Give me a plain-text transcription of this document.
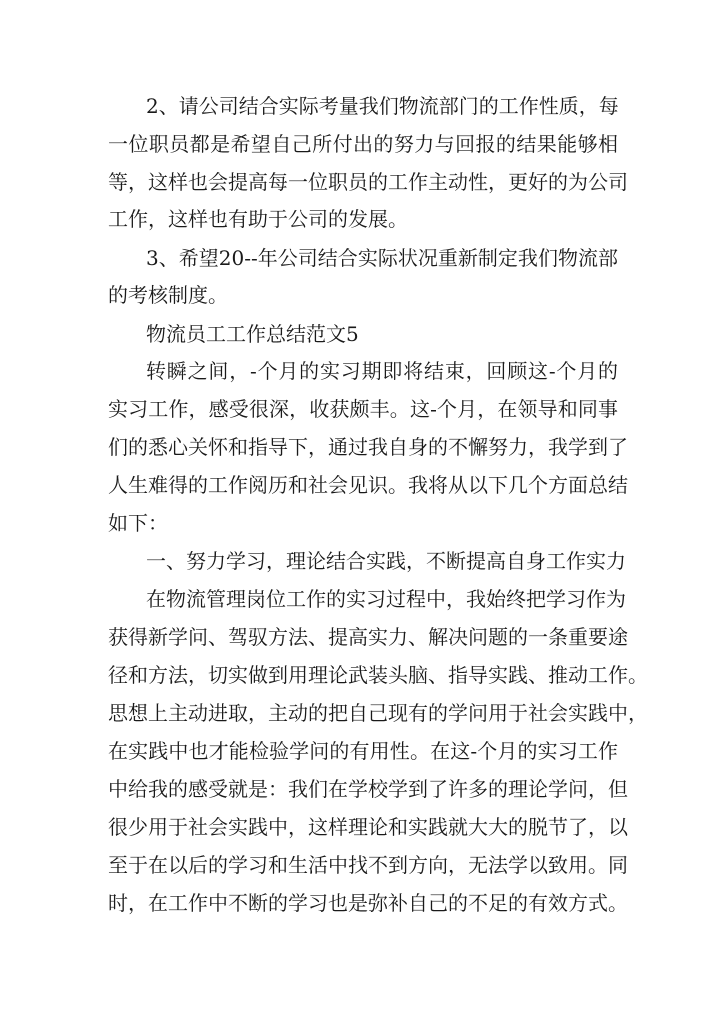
2、请公司结合实际考量我们物流部门的工作性质，每
一位职员都是希望自己所付出的努力与回报的结果能够相
等，这样也会提高每一位职员的工作主动性，更好的为公司
工作，这样也有助于公司的发展。
3、希望20--年公司结合实际状况重新制定我们物流部
的考核制度。
物流员工工作总结范文5
转瞬之间，-个月的实习期即将结束，回顾这-个月的
实习工作，感受很深，收获颇丰。这-个月，在领导和同事
们的悉心关怀和指导下，通过我自身的不懈努力，我学到了
人生难得的工作阅历和社会见识。我将从以下几个方面总结
如下：
一、努力学习，理论结合实践，不断提高自身工作实力
在物流管理岗位工作的实习过程中，我始终把学习作为
获得新学问、驾驭方法、提高实力、解决问题的一条重要途
径和方法，切实做到用理论武装头脑、指导实践、推动工作。
思想上主动进取，主动的把自己现有的学问用于社会实践中，
在实践中也才能检验学问的有用性。在这-个月的实习工作
中给我的感受就是：我们在学校学到了许多的理论学问，但
很少用于社会实践中，这样理论和实践就大大的脱节了，以
至于在以后的学习和生活中找不到方向，无法学以致用。同
时，在工作中不断的学习也是弥补自己的不足的有效方式。
